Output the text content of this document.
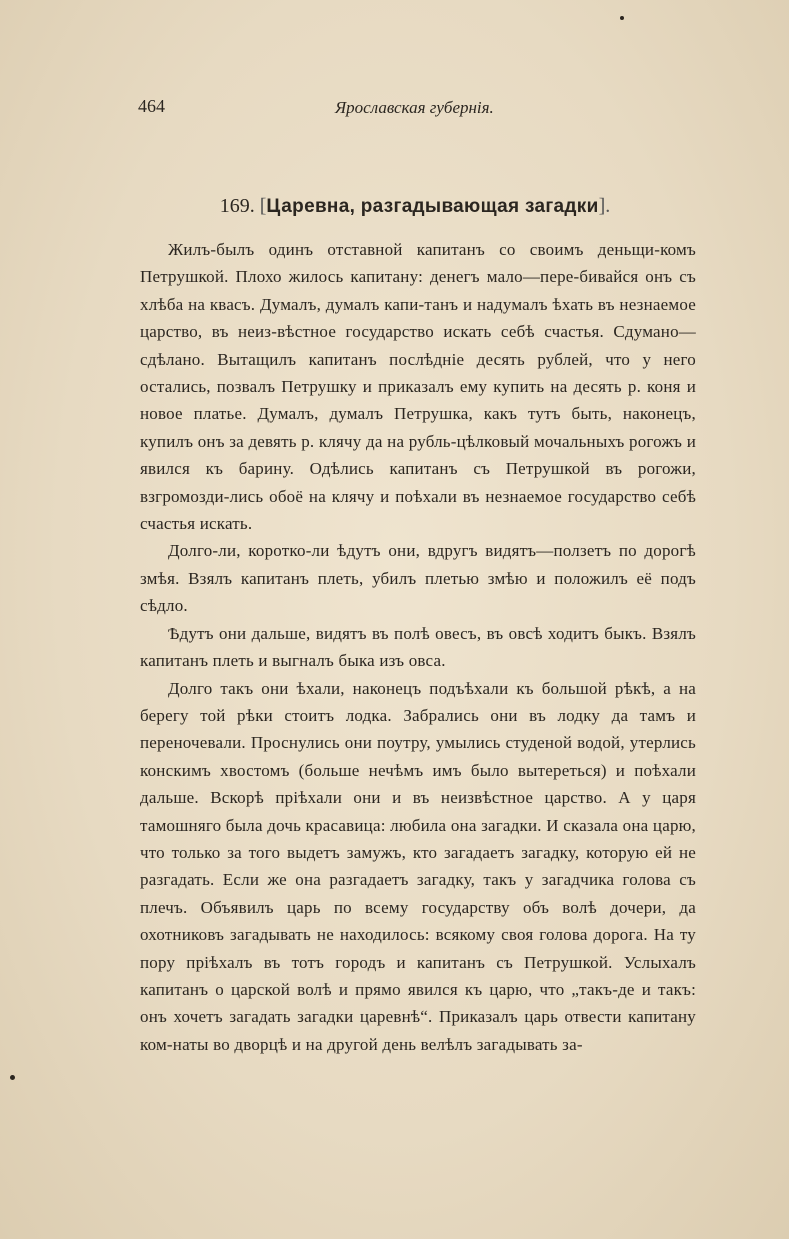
464	Ярославская губернія.
169. [Царевна, разгадывающая загадки].

Жилъ-былъ одинъ отставной капитанъ со своимъ деньщи-комъ Петрушкой. Плохо жилось капитану: денегъ мало—пере-бивайся онъ съ хлѣба на квасъ. Думалъ, думалъ капи-танъ и надумалъ ѣхать въ незнаемое царство, въ неиз-вѣстное государство искать себѣ счастья. Сдумано—сдѣлано. Вытащилъ капитанъ послѣдніе десять рублей, что у него остались, позвалъ Петрушку и приказалъ ему купить на десять р. коня и новое платье. Думалъ, думалъ Петрушка, какъ тутъ быть, наконецъ, купилъ онъ за девять р. клячу да на рубль-цѣлковый мочальныхъ рогожъ и явился къ барину. Одѣлись капитанъ съ Петрушкой въ рогожи, взгромозди-лись обоё на клячу и поѣхали въ незнаемое государство себѣ счастья искать.

Долго-ли, коротко-ли ѣдутъ они, вдругъ видятъ—ползетъ по дорогѣ змѣя. Взялъ капитанъ плеть, убилъ плетью змѣю и положилъ её подъ сѣдло.

Ѣдутъ они дальше, видятъ въ полѣ овесъ, въ овсѣ ходитъ быкъ. Взялъ капитанъ плеть и выгналъ быка изъ овса.

Долго такъ они ѣхали, наконецъ подъѣхали къ большой рѣкѣ, а на берегу той рѣки стоитъ лодка. Забрались они въ лодку да тамъ и переночевали. Проснулись они поутру, умылись студеной водой, утерлись конскимъ хвостомъ (больше нечѣмъ имъ было вытереться) и поѣхали дальше. Вскорѣ пріѣхали они и въ неизвѣстное царство. А у царя тамошняго была дочь красавица: любила она загадки. И сказала она царю, что только за того выдетъ замужъ, кто загадаетъ загадку, которую ей не разгадать. Если же она разгадаетъ загадку, такъ у загадчика голова съ плечъ. Объявилъ царь по всему государству объ волѣ дочери, да охотниковъ загадывать не находилось: всякому своя голова дорога. На ту пору пріѣхалъ въ тотъ городъ и капитанъ съ Петрушкой. Услыхалъ капитанъ о царской волѣ и прямо явился къ царю, что „такъ-де и такъ: онъ хочетъ загадать загадки царевнѣ“. Приказалъ царь отвести капитану ком-наты во дворцѣ и на другой день велѣлъ загадывать за-
